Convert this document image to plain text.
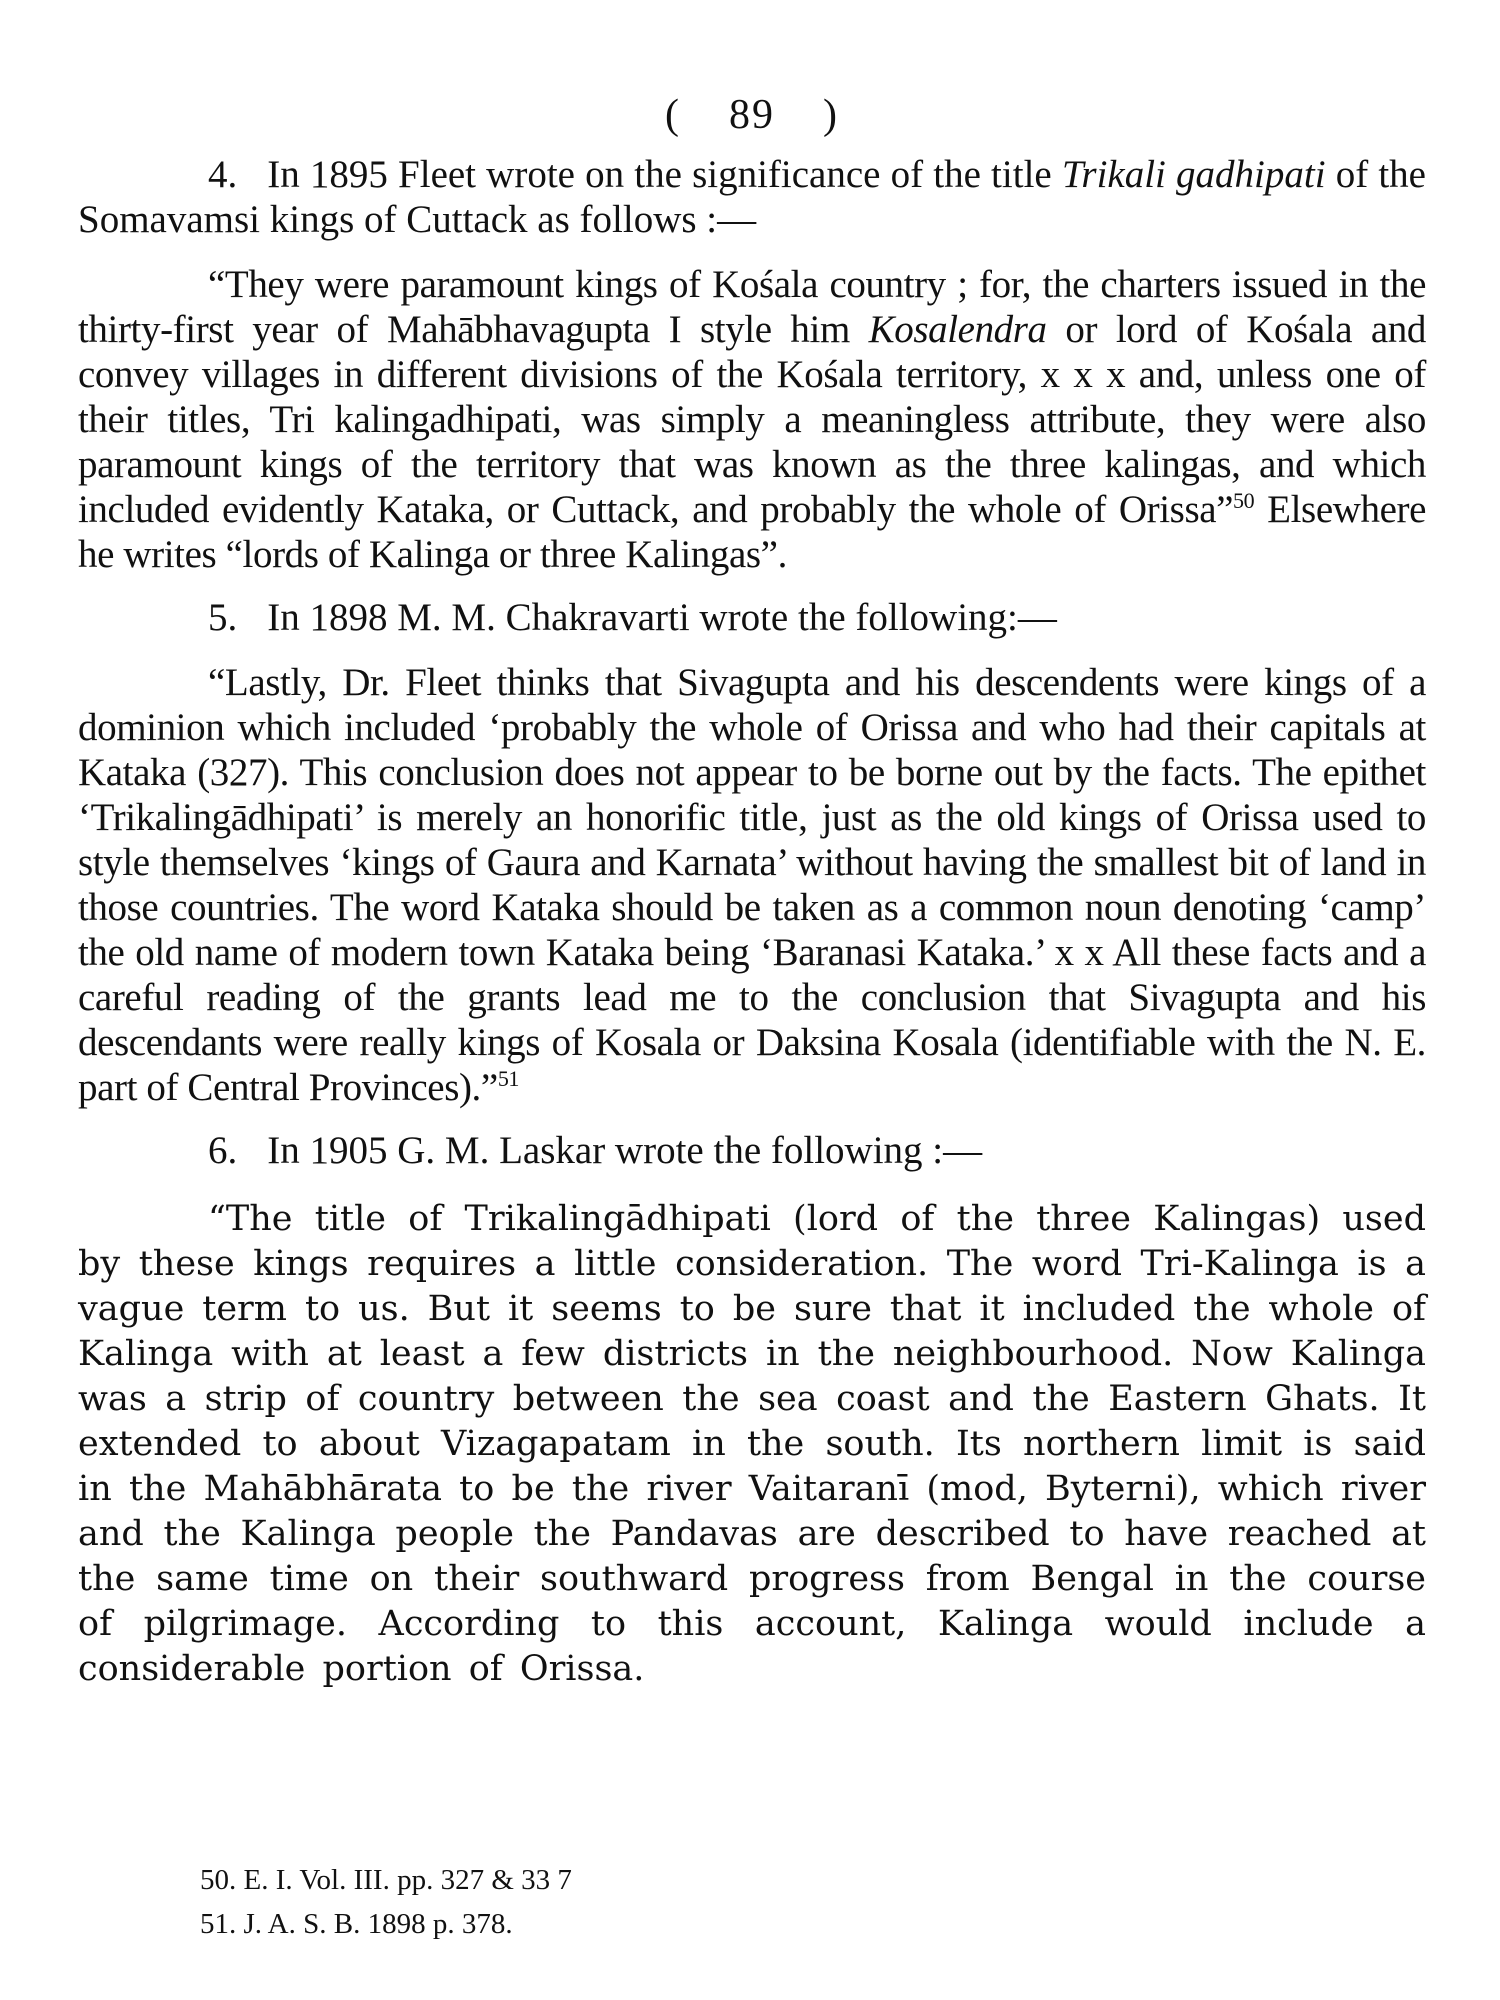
( 89 )

4. In 1895 Fleet wrote on the significance of the title Trikali gadhipati of the Somavamsi kings of Cuttack as follows :—

“They were paramount kings of Kośala country ; for, the charters issued in the thirty-first year of Mahābhavagupta I style him Kosalendra or lord of Kośala and convey villages in different divisions of the Kośala territory, x x x and, unless one of their titles, Tri kalingadhipati, was simply a meaningless attribute, they were also paramount kings of the territory that was known as the three kalingas, and which included evidently Kataka, or Cuttack, and probably the whole of Orissa”$^{50}$ Elsewhere he writes “lords of Kalinga or three Kalingas”.

5. In 1898 M. M. Chakravarti wrote the following:—

“Lastly, Dr. Fleet thinks that Sivagupta and his descendents were kings of a dominion which included ‘probably the whole of Orissa and who had their capitals at Kataka (327). This conclusion does not appear to be borne out by the facts. The epithet ‘Trikalingādhipati’ is merely an honorific title, just as the old kings of Orissa used to style themselves ‘kings of Gaura and Karnata’ without having the smallest bit of land in those countries. The word Kataka should be taken as a common noun denoting ‘camp’ the old name of modern town Kataka being ‘Baranasi Kataka.’ x x All these facts and a careful reading of the grants lead me to the conclusion that Sivagupta and his descendants were really kings of Kosala or Daksina Kosala (identifiable with the N. E. part of Central Provinces).”$^{51}$

6. In 1905 G. M. Laskar wrote the following :—

“The title of Trikalingādhipati (lord of the three Kalingas) used by these kings requires a little consideration. The word Tri-Kalinga is a vague term to us. But it seems to be sure that it included the whole of Kalinga with at least a few districts in the neighbourhood. Now Kalinga was a strip of country between the sea coast and the Eastern Ghats. It extended to about Vizagapatam in the south. Its northern limit is said in the Mahābhārata to be the river Vaitaranī (mod, Byterni), which river and the Kalinga people the Pandavas are described to have reached at the same time on their southward progress from Bengal in the course of pilgrimage. According to this account, Kalinga would include a considerable portion of Orissa.

50. E. I. Vol. III. pp. 327 & 33 7
51. J. A. S. B. 1898 p. 378.
